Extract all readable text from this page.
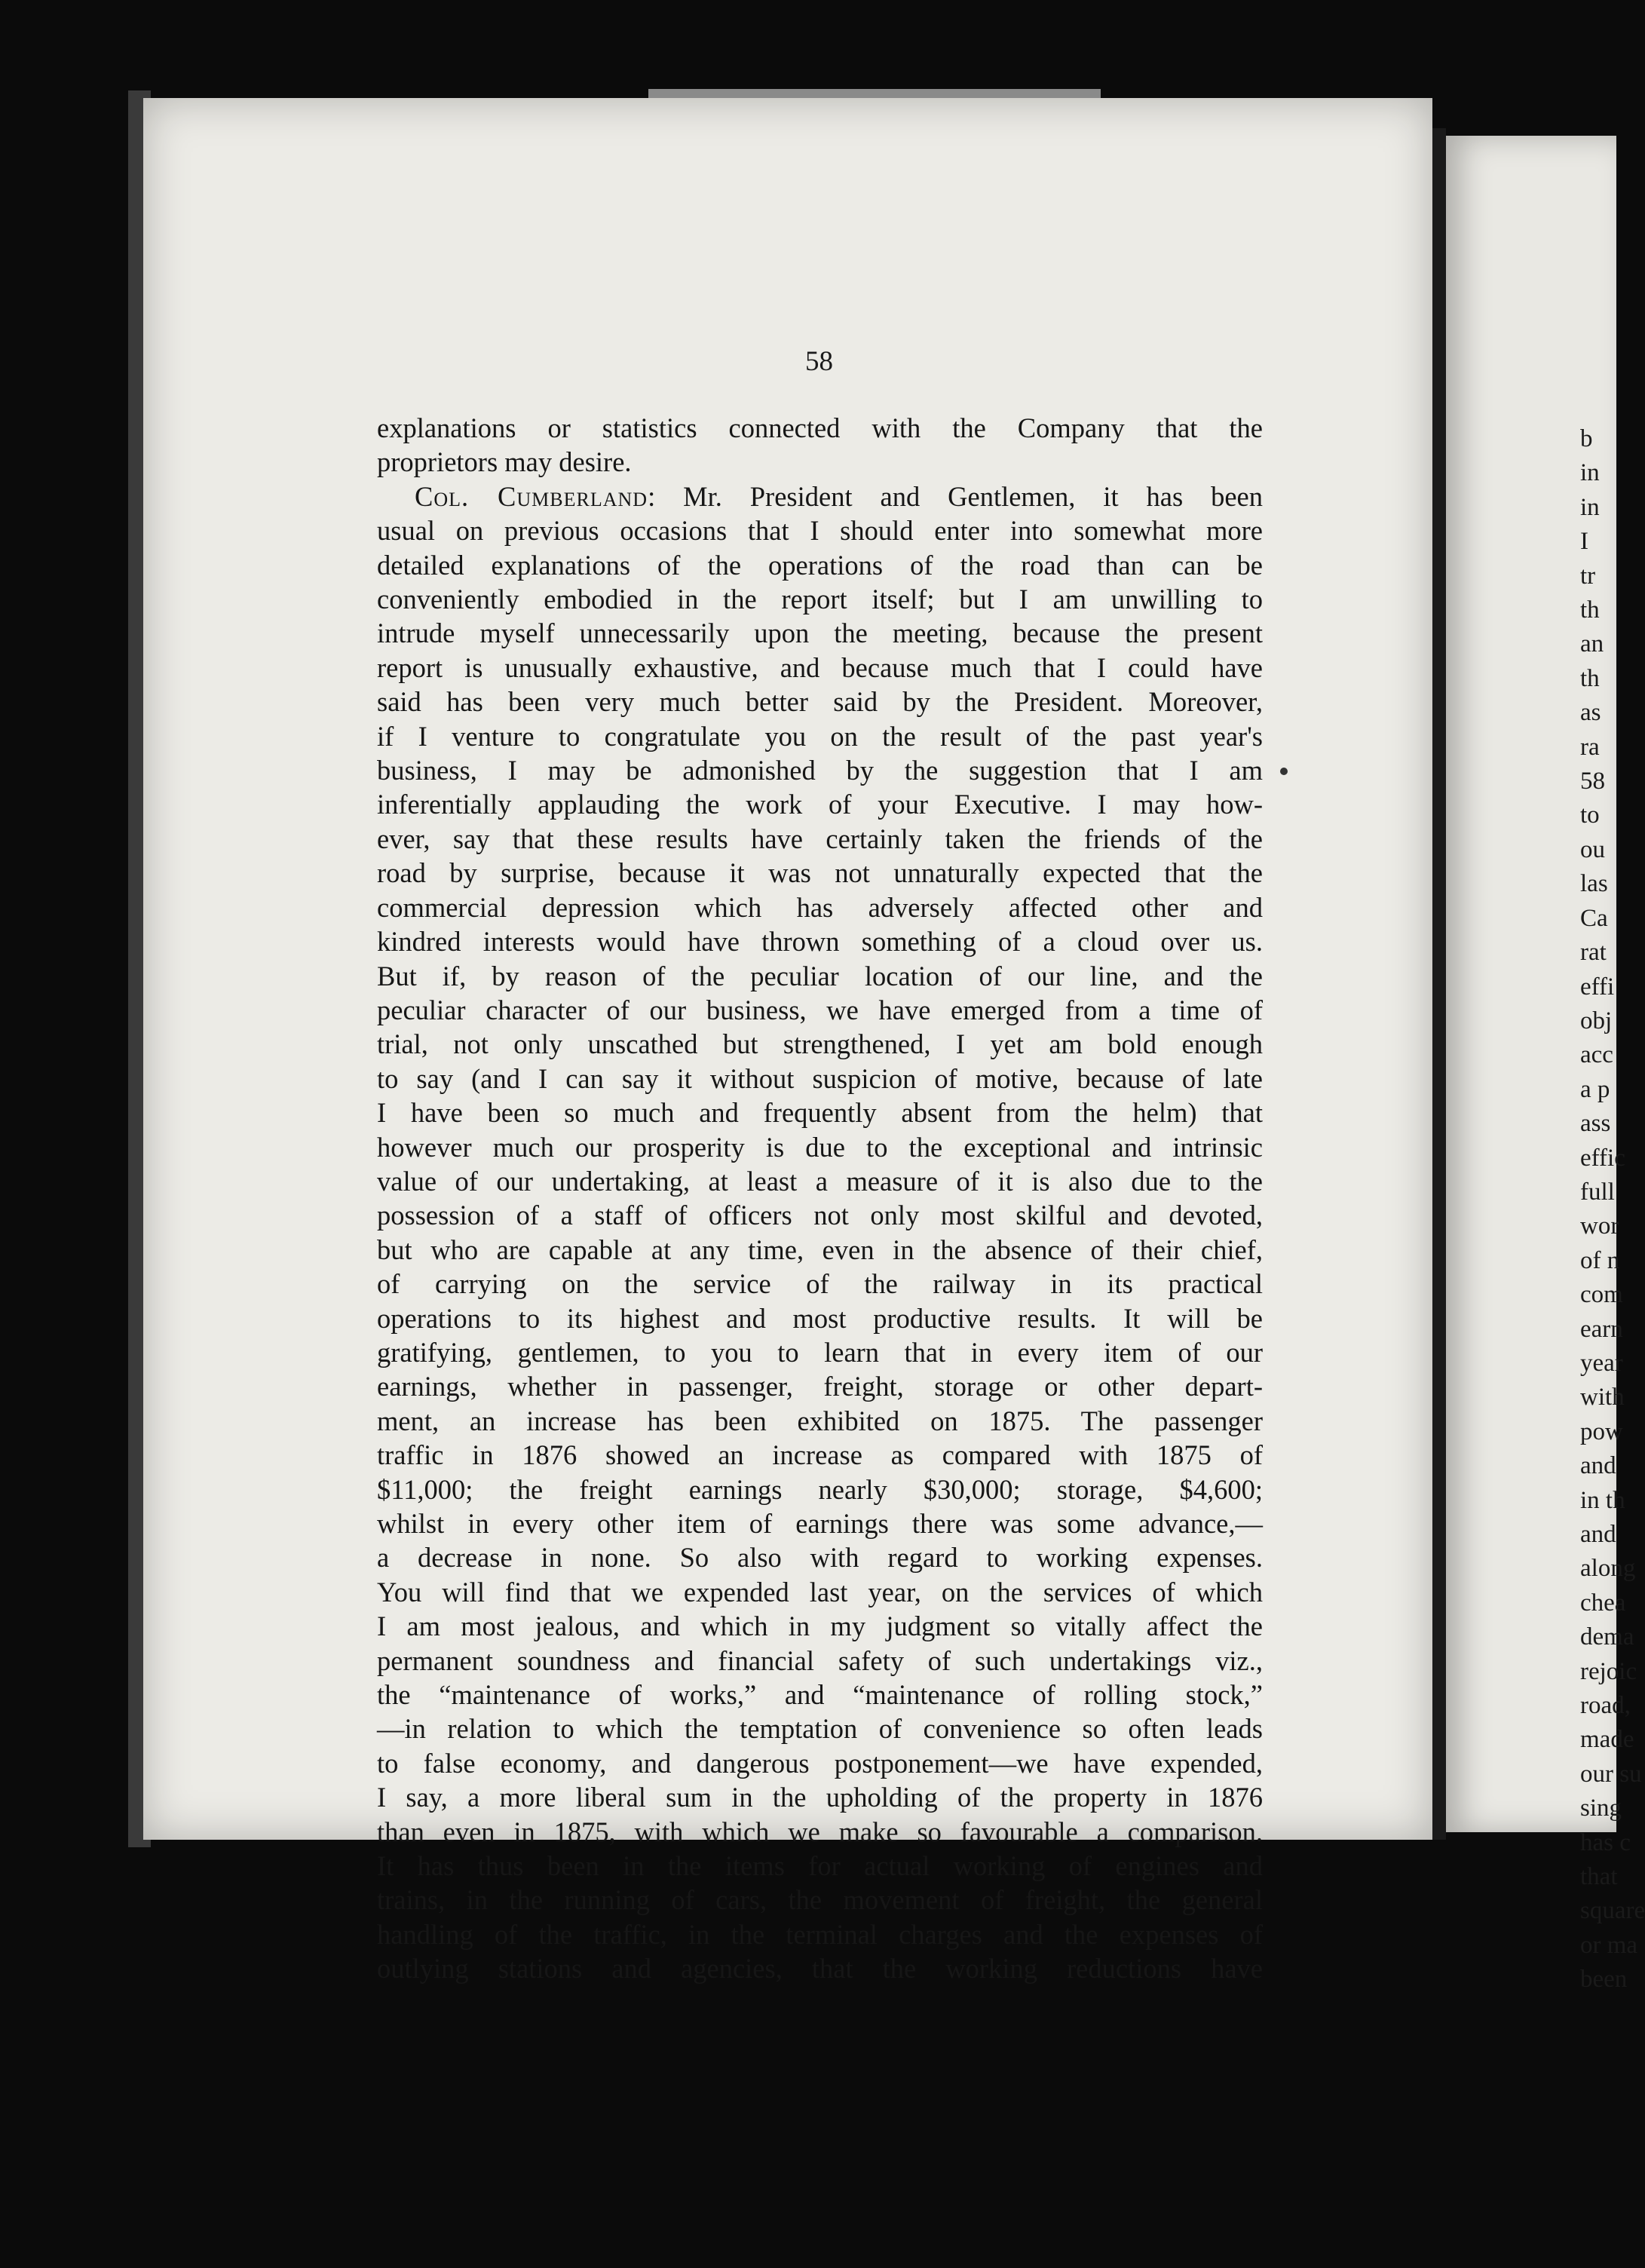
58
explanations or statistics connected with the Company that the
proprietors may desire.
Col. Cumberland: Mr. President and Gentlemen, it has been
usual on previous occasions that I should enter into somewhat more
detailed explanations of the operations of the road than can be
conveniently embodied in the report itself; but I am unwilling to
intrude myself unnecessarily upon the meeting, because the present
report is unusually exhaustive, and because much that I could have
said has been very much better said by the President. Moreover,
if I venture to congratulate you on the result of the past year's
business, I may be admonished by the suggestion that I am
inferentially applauding the work of your Executive. I may how-
ever, say that these results have certainly taken the friends of the
road by surprise, because it was not unnaturally expected that the
commercial depression which has adversely affected other and
kindred interests would have thrown something of a cloud over us.
But if, by reason of the peculiar location of our line, and the
peculiar character of our business, we have emerged from a time of
trial, not only unscathed but strengthened, I yet am bold enough
to say (and I can say it without suspicion of motive, because of late
I have been so much and frequently absent from the helm) that
however much our prosperity is due to the exceptional and intrinsic
value of our undertaking, at least a measure of it is also due to the
possession of a staff of officers not only most skilful and devoted,
but who are capable at any time, even in the absence of their chief,
of carrying on the service of the railway in its practical
operations to its highest and most productive results. It will be
gratifying, gentlemen, to you to learn that in every item of our
earnings, whether in passenger, freight, storage or other depart-
ment, an increase has been exhibited on 1875. The passenger
traffic in 1876 showed an increase as compared with 1875 of
$11,000; the freight earnings nearly $30,000; storage, $4,600;
whilst in every other item of earnings there was some advance,—
a decrease in none. So also with regard to working expenses.
You will find that we expended last year, on the services of which
I am most jealous, and which in my judgment so vitally affect the
permanent soundness and financial safety of such undertakings viz.,
the “maintenance of works,” and “maintenance of rolling stock,”
—in relation to which the temptation of convenience so often leads
to false economy, and dangerous postponement—we have expended,
I say, a more liberal sum in the upholding of the property in 1876
than even in 1875, with which we make so favourable a comparison.
It has thus been in the items for actual working of engines and
trains, in the running of cars, the movement of freight, the general
handling of the traffic, in the terminal charges and the expenses of
outlying stations and agencies, that the working reductions have
b
in
in
I
tr
th
an
th
as
ra
58
to
ou
las
Ca
rat
effi
obj
acc
a p
ass
effic
full
wor
of n
com
earn
year
with
pow
and
in th
and
along
chea
dema
rejoic
road,
made
our su
sing
has c
that
square
or ma
been
